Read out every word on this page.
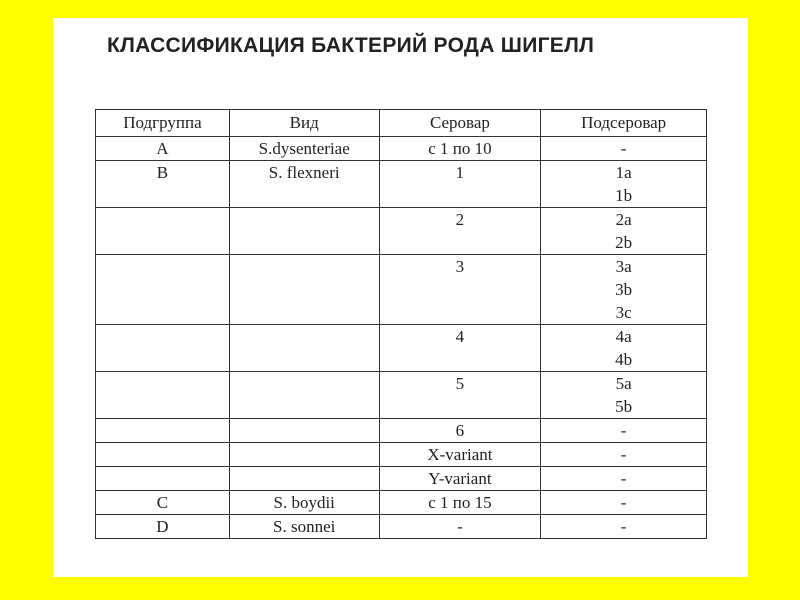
КЛАССИФИКАЦИЯ БАКТЕРИЙ РОДА ШИГЕЛЛ
Подгруппа	Вид	Серовар	Подсеровар
A	S.dysenteriae	с 1 по 10	-

B	S. flexneri	1	1a
1b

		2	2a
2b

		3	3a
3b
3c

		4	4a
4b

		5	5a
5b

		6	-

		X-variant	-

		Y-variant	-

C	S. boydii	с 1 по 15	-

D	S. sonnei	-	-
